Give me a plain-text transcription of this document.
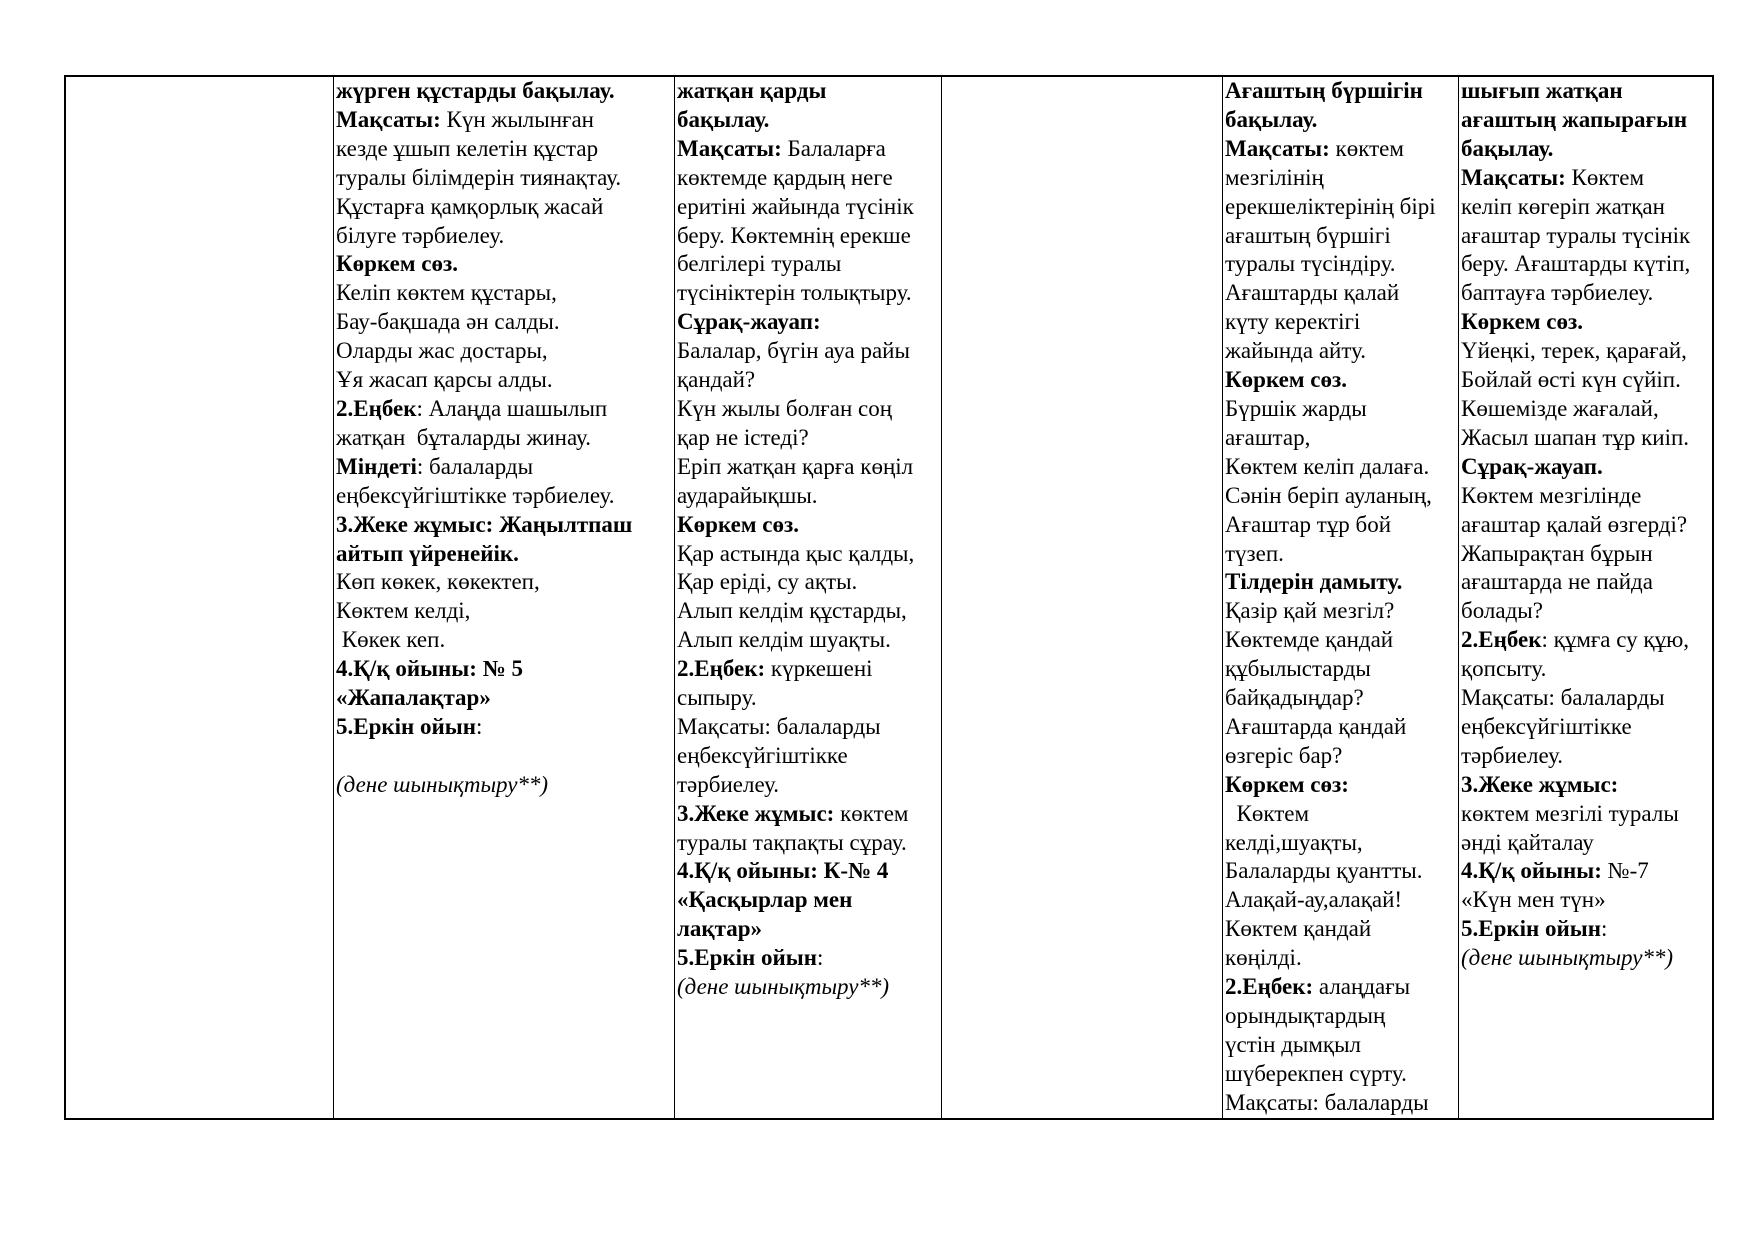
жүрген құстарды бақылау.
Мақсаты: Күн жылынған
кезде ұшып келетін құстар
туралы білімдерін тиянақтау.
Құстарға қамқорлық жасай
білуге тәрбиелеу.
Көркем сөз.
Келіп көктем құстары,
Бау-бақшада ән салды.
Оларды жас достары,
Ұя жасап қарсы алды.
2.Еңбек: Алаңда шашылып
жатқан  бұталарды жинау.
Міндеті: балаларды
еңбексүйгіштікке тәрбиелеу.
3.Жеке жұмыс: Жаңылтпаш
айтып үйренейік.
Көп көкек, көкектеп,
Көктем келді,
Көкек кеп.
4.Қ/қ ойыны: № 5
«Жапалақтар»
5.Еркін ойын:
(дене шынықтыру**)
жатқан қарды
бақылау.
Мақсаты: Балаларға
көктемде қардың неге
еритіні жайында түсінік
беру. Көктемнің ерекше
белгілері туралы
түсініктерін толықтыру.
Сұрақ-жауап:
Балалар, бүгін ауа райы
қандай?
Күн жылы болған соң
қар не істеді?
Еріп жатқан қарға көңіл
аударайықшы.
Көркем сөз.
Қар астында қыс қалды,
Қар еріді, су ақты.
Алып келдім құстарды,
Алып келдім шуақты.
2.Еңбек: күркешені
сыпыру.
Мақсаты: балаларды
еңбексүйгіштікке
тәрбиелеу.
3.Жеке жұмыс: көктем
туралы тақпақты сұрау.
4.Қ/қ ойыны: К-№ 4
«Қасқырлар мен
лақтар»
5.Еркін ойын:
(дене шынықтыру**)
Ағаштың бүршігін
бақылау.
Мақсаты: көктем
мезгілінің
ерекшеліктерінің бірі
ағаштың бүршігі
туралы түсіндіру.
Ағаштарды қалай
күту керектігі
жайында айту.
Көркем сөз.
Бүршік жарды
ағаштар,
Көктем келіп далаға.
Сәнін беріп ауланың,
Ағаштар тұр бой
түзеп.
Тілдерін дамыту.
Қазір қай мезгіл?
Көктемде қандай
құбылыстарды
байқадыңдар?
Ағаштарда қандай
өзгеріс бар?
Көркем сөз:
Көктем
келді,шуақты,
Балаларды қуантты.
Алақай-ау,алақай!
Көктем қандай
көңілді.
2.Еңбек: алаңдағы
орындықтардың
үстін дымқыл
шүберекпен сүрту.
Мақсаты: балаларды
шығып жатқан
ағаштың жапырағын
бақылау.
Мақсаты: Көктем
келіп көгеріп жатқан
ағаштар туралы түсінік
беру. Ағаштарды күтіп,
баптауға тәрбиелеу.
Көркем сөз.
Үйеңкі, терек, қарағай,
Бойлай өсті күн сүйіп.
Көшемізде жағалай,
Жасыл шапан тұр киіп.
Сұрақ-жауап.
Көктем мезгілінде
ағаштар қалай өзгерді?
Жапырақтан бұрын
ағаштарда не пайда
болады?
2.Еңбек: құмға су құю,
қопсыту.
Мақсаты: балаларды
еңбексүйгіштікке
тәрбиелеу.
3.Жеке жұмыс:
көктем мезгілі туралы
әнді қайталау
4.Қ/қ ойыны: №-7
«Күн мен түн»
5.Еркін ойын:
(дене шынықтыру**)
